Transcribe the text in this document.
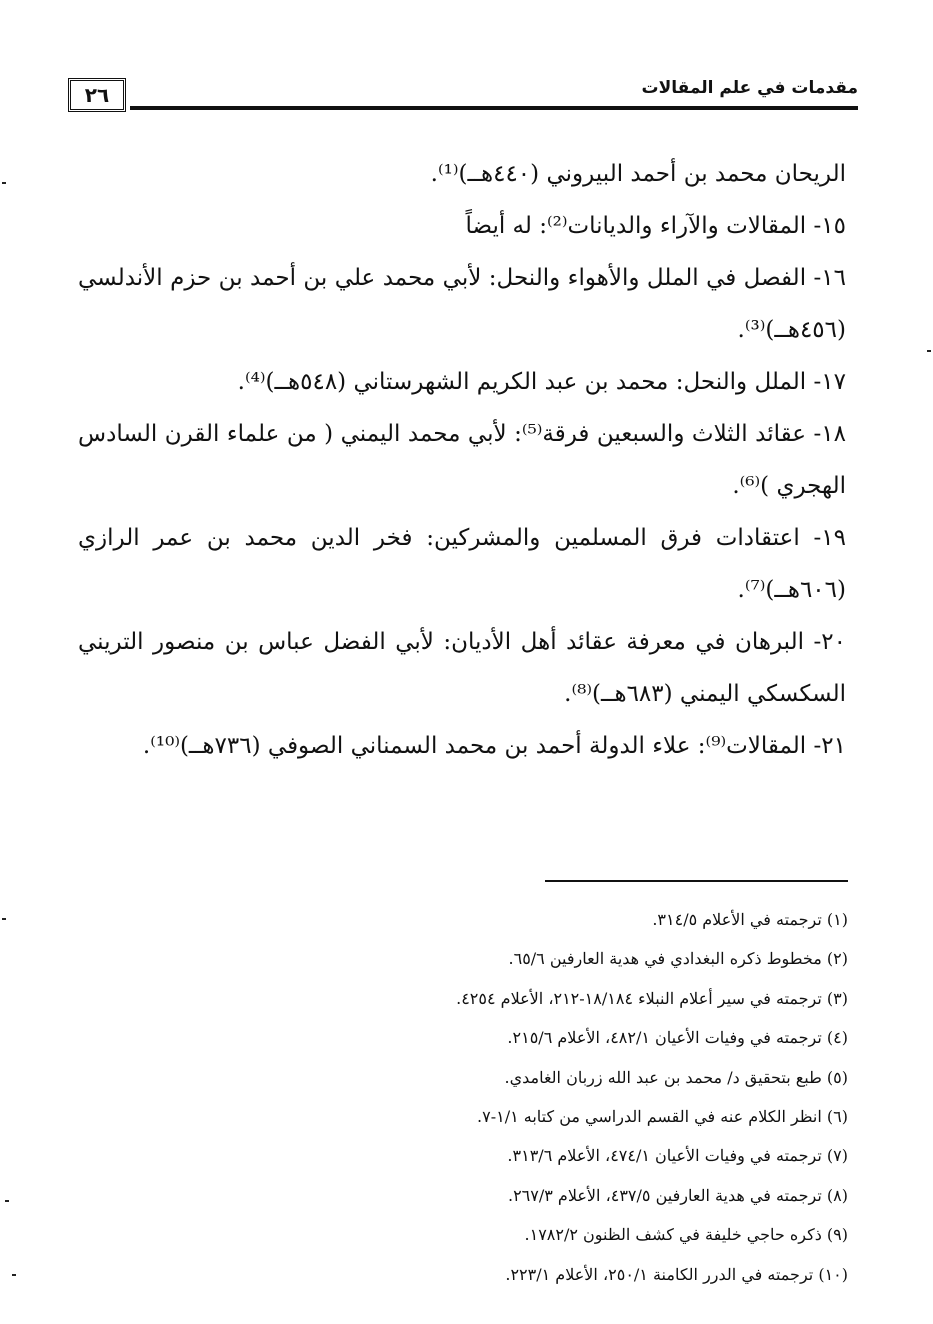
٢٦	مقدمات في علم المقالات

الريحان محمد بن أحمد البيروني (٤٤٠هــ)⁽¹⁾.

١٥- المقالات والآراء والديانات⁽²⁾: له أيضاً

١٦- الفصل في الملل والأهواء والنحل: لأبي محمد علي بن أحمد بن حزم الأندلسي (٤٥٦هــ)⁽³⁾.

١٧- الملل والنحل: محمد بن عبد الكريم الشهرستاني (٥٤٨هــ)⁽⁴⁾.

١٨- عقائد الثلاث والسبعين فرقة⁽⁵⁾: لأبي محمد اليمني ( من علماء القرن السادس الهجري )⁽⁶⁾.

١٩- اعتقادات فرق المسلمين والمشركين: فخر الدين محمد بن عمر الرازي (٦٠٦هــ)⁽⁷⁾.

٢٠- البرهان في معرفة عقائد أهل الأديان: لأبي الفضل عباس بن منصور التريني السكسكي اليمني (٦٨٣هــ)⁽⁸⁾.

٢١- المقالات⁽⁹⁾: علاء الدولة أحمد بن محمد السمناني الصوفي (٧٣٦هــ)⁽¹⁰⁾.

(١) ترجمته في الأعلام ٣١٤/٥.

(٢) مخطوط ذكره البغدادي في هدية العارفين ٦٥/٦.

(٣) ترجمته في سير أعلام النبلاء ١٨/١٨٤-٢١٢، الأعلام ٤٢٥٤.

(٤) ترجمته في وفيات الأعيان ٤٨٢/١، الأعلام ٢١٥/٦.

(٥) طبع بتحقيق د/ محمد بن عبد الله زربان الغامدي.

(٦) انظر الكلام عنه في القسم الدراسي من كتابه ١/١-٧.

(٧) ترجمته في وفيات الأعيان ٤٧٤/١، الأعلام ٣١٣/٦.

(٨) ترجمته في هدية العارفين ٤٣٧/٥، الأعلام ٢٦٧/٣.

(٩) ذكره حاجي خليفة في كشف الظنون ١٧٨٢/٢.

(١٠) ترجمته في الدرر الكامنة ٢٥٠/١، الأعلام ٢٢٣/١.
